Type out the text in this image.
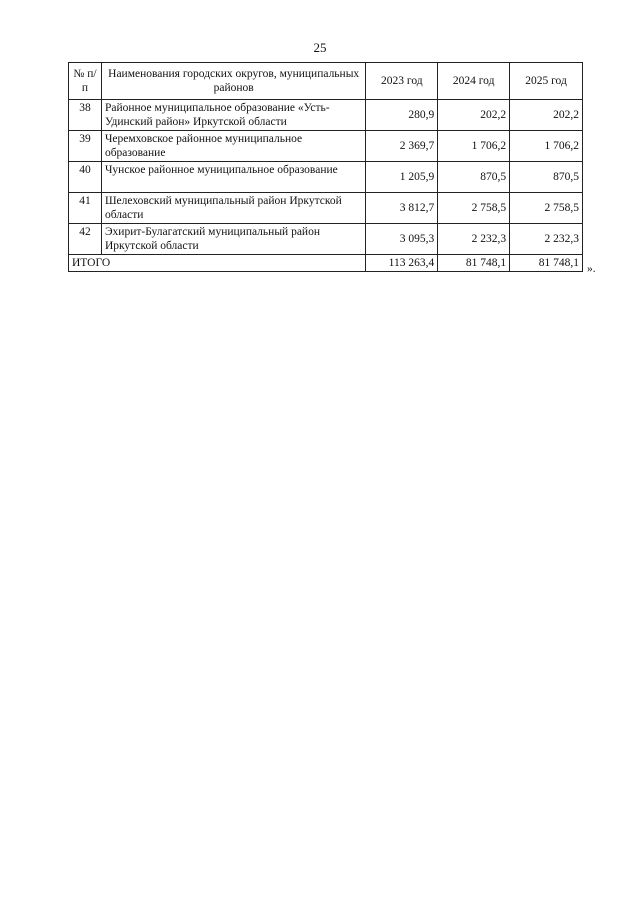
25
№ п/п	Наименования городских округов, муниципальных районов	2023 год	2024 год	2025 год
38	Районное муниципальное образование «Усть-Удинский район» Иркутской области	280,9	202,2	202,2
39	Черемховское районное муниципальное образование	2 369,7	1 706,2	1 706,2
40	Чунское районное муниципальное образование	1 205,9	870,5	870,5
41	Шелеховский муниципальный район Иркутской области	3 812,7	2 758,5	2 758,5
42	Эхирит-Булагатский муниципальный район Иркутской области	3 095,3	2 232,3	2 232,3
ИТОГО		113 263,4	81 748,1	81 748,1 ».
